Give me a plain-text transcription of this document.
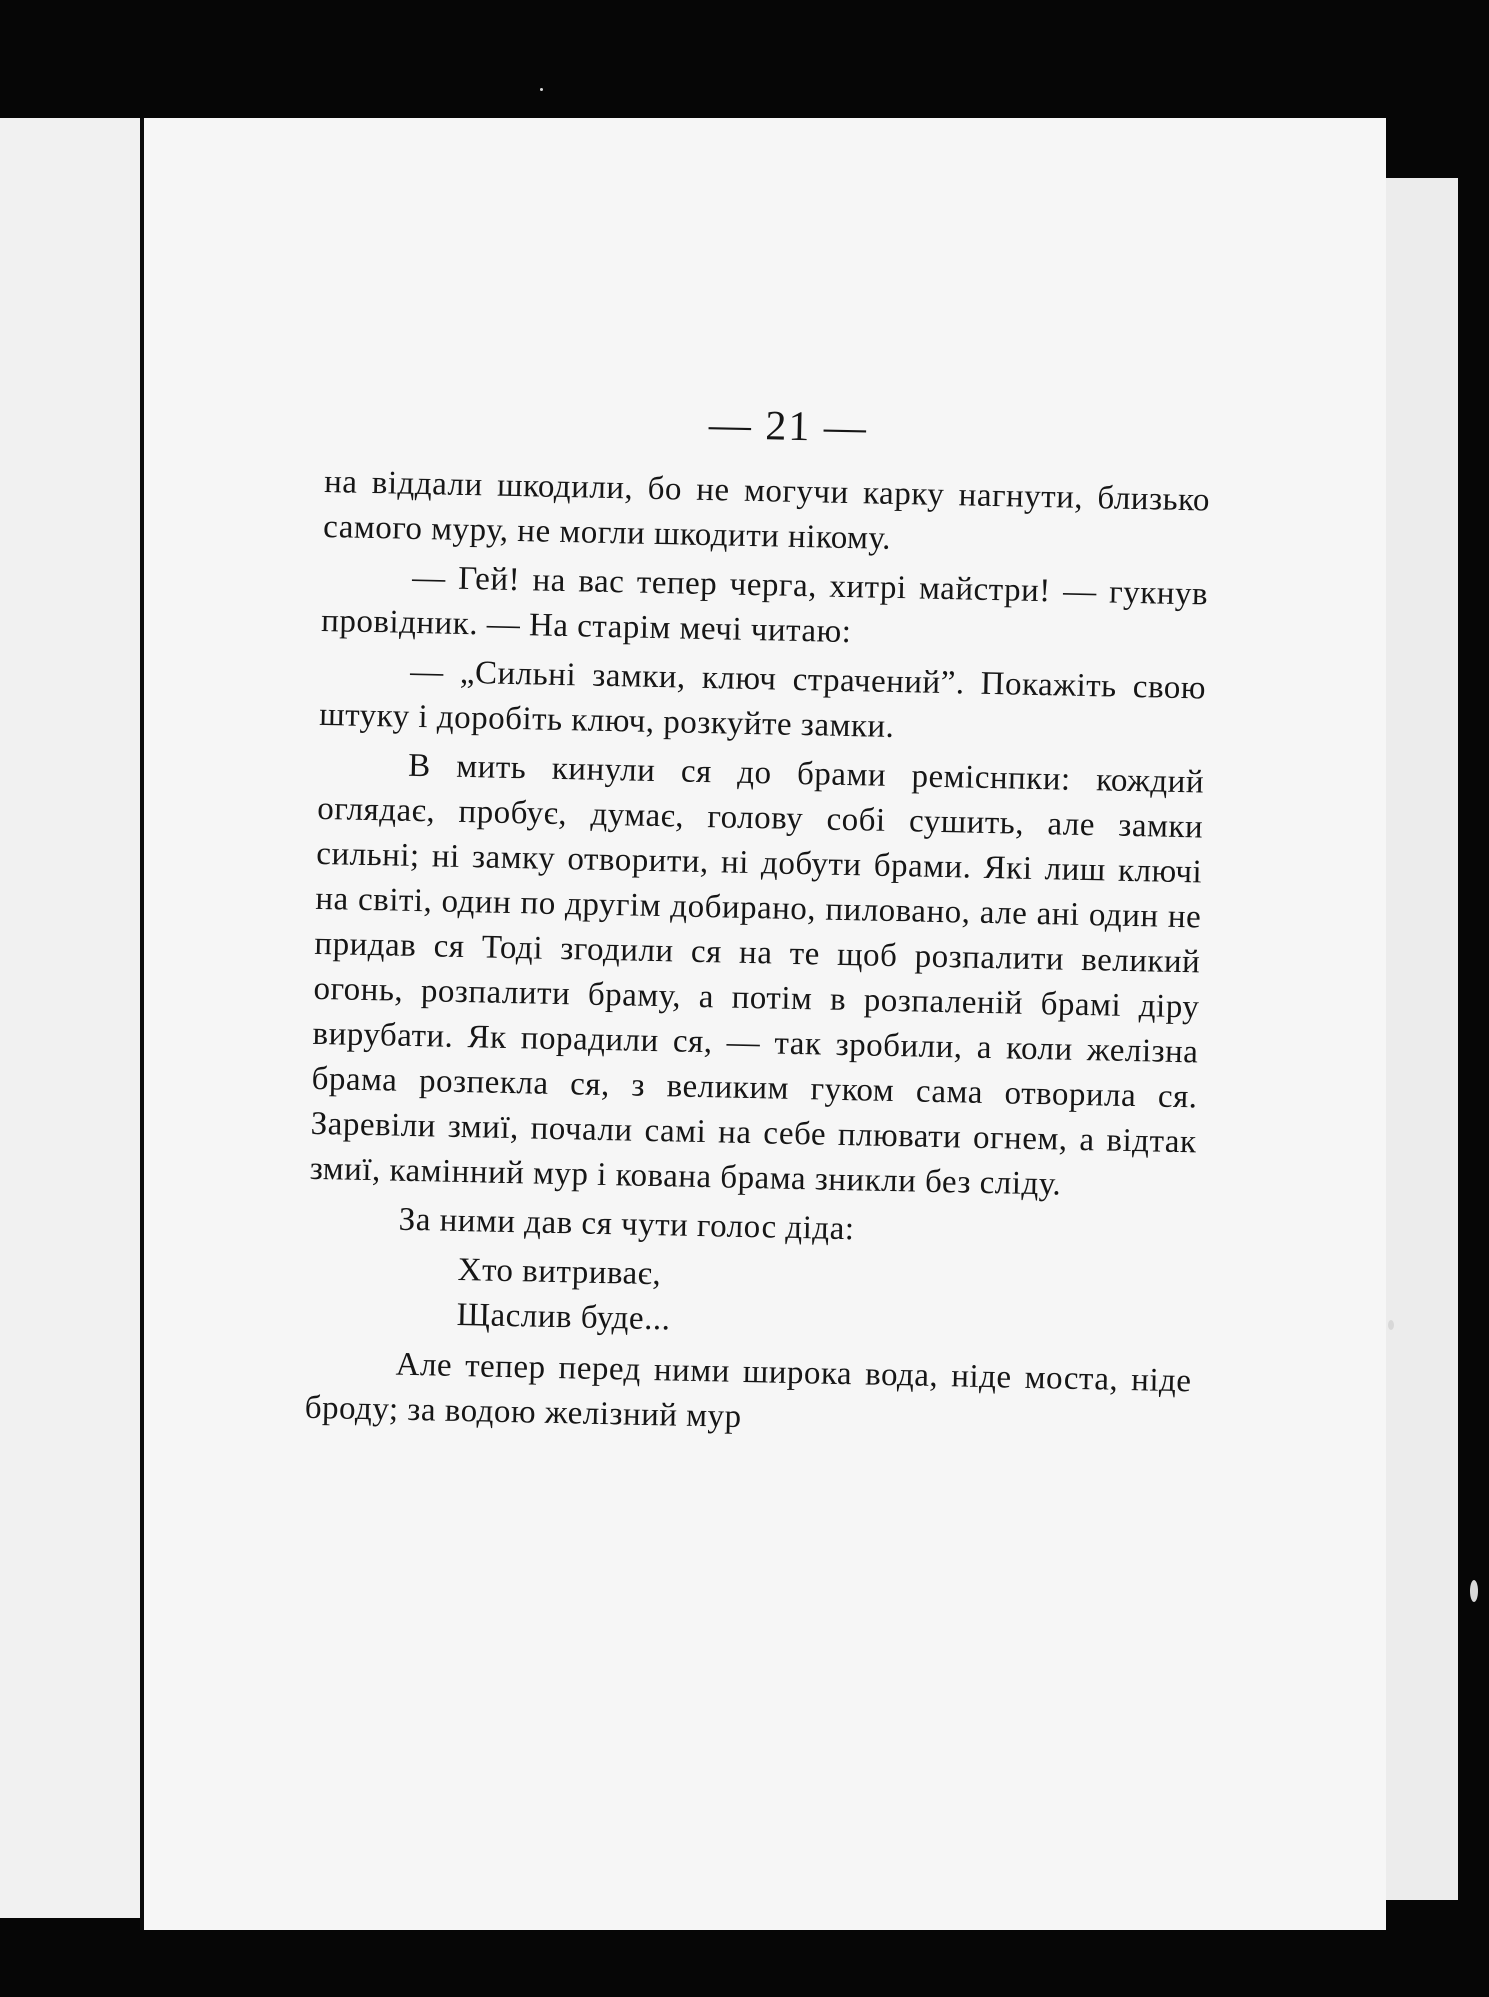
— 21 —

на віддали шкодили, бо не могучи карку нагнути, близько самого муру, не могли шкодити нікому.

— Гей! на вас тепер черга, хитрі майстри! — гукнув провідник. — На старім мечі читаю:

— „Сильні замки, ключ страчений”. Покажіть свою штуку і доробіть ключ, розкуйте замки.

В мить кинули ся до брами реміснпки: кождий оглядає, пробує, думає, голову собі сушить, але замки сильні; ні замку отворити, ні добути брами. Які лиш ключі на світі, один по другім добирано, пиловано, але ані один не придав ся Тоді згодили ся на те щоб розпалити великий огонь, розпалити браму, а потім в розпаленій брамі діру вирубати. Як порадили ся, — так зробили, а коли желізна брама розпекла ся, з великим гуком сама отворила ся. Заревіли змиї, почали самі на себе плювати огнем, а відтак змиї, камінний мур і кована брама зникли без сліду.

За ними дав ся чути голос діда:

Хто витриває,

Щаслив буде...

Але тепер перед ними широка вода, ніде моста, ніде броду; за водою желізний мур
